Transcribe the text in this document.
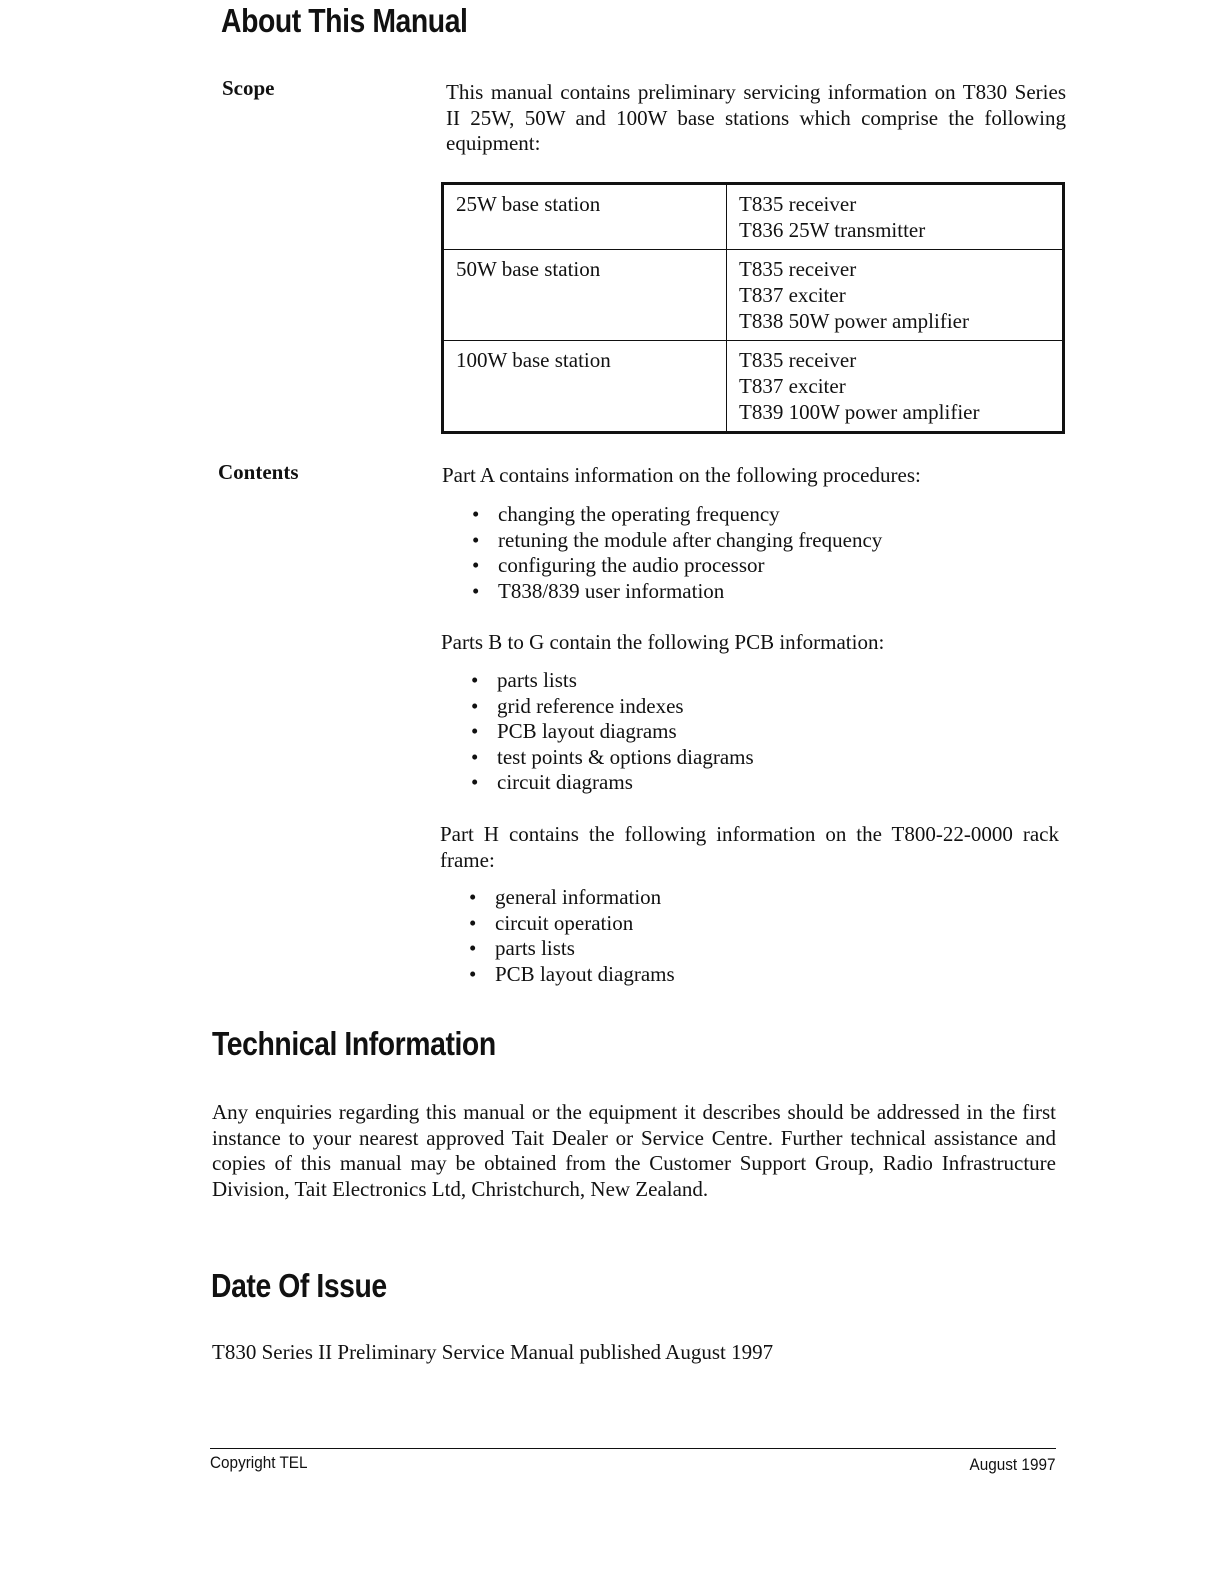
About This Manual

Scope	This manual contains preliminary servicing information on T830 Series II 25W, 50W and 100W base stations which comprise the following equipment:

25W base station	T835 receiver
T836 25W transmitter

50W base station	T835 receiver
T837 exciter
T838 50W power amplifier

100W base station	T835 receiver
T837 exciter
T839 100W power amplifier

Contents	Part A contains information on the following procedures:

• changing the operating frequency
• retuning the module after changing frequency
• configuring the audio processor
• T838/839 user information

Parts B to G contain the following PCB information:

• parts lists
• grid reference indexes
• PCB layout diagrams
• test points & options diagrams
• circuit diagrams

Part H contains the following information on the T800-22-0000 rack frame:

• general information
• circuit operation
• parts lists
• PCB layout diagrams
Technical Information

Any enquiries regarding this manual or the equipment it describes should be addressed in the first instance to your nearest approved Tait Dealer or Service Centre. Further technical assistance and copies of this manual may be obtained from the Customer Support Group, Radio Infrastructure Division, Tait Electronics Ltd, Christchurch, New Zealand.

Date Of Issue

T830 Series II Preliminary Service Manual published August 1997

Copyright TEL	August 1997
